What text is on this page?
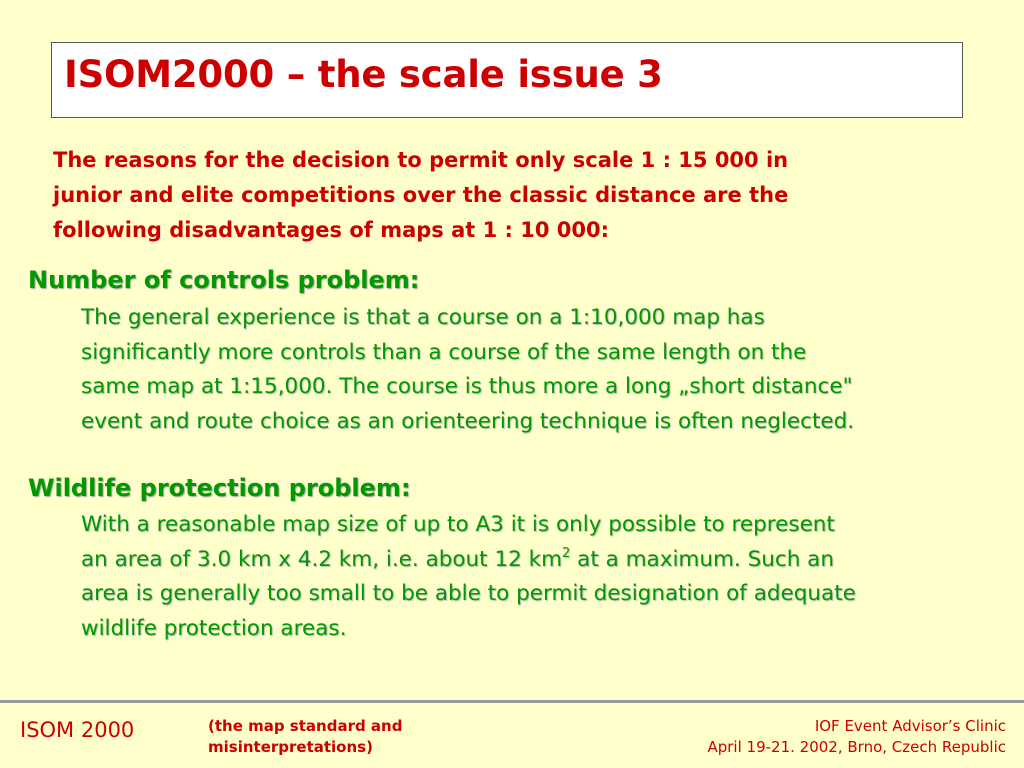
ISOM2000 – the scale issue 3
The reasons for the decision to permit only scale 1 : 15 000 in
junior and elite competitions over the classic distance are the
following disadvantages of maps at 1 : 10 000:
Number of controls problem:
The general experience is that a course on a 1:10,000 map has
significantly more controls than a course of the same length on the
same map at 1:15,000. The course is thus more a long „short distance"
event and route choice as an orienteering technique is often neglected.
Wildlife protection problem:
With a reasonable map size of up to A3 it is only possible to represent
an area of 3.0 km x 4.2 km, i.e. about 12 $km^2$ at a maximum. Such an
area is generally too small to be able to permit designation of adequate
wildlife protection areas.
ISOM 2000	(the map standard and
misinterpretations)
IOF Event Advisor’s Clinic
April 19-21. 2002, Brno, Czech Republic
